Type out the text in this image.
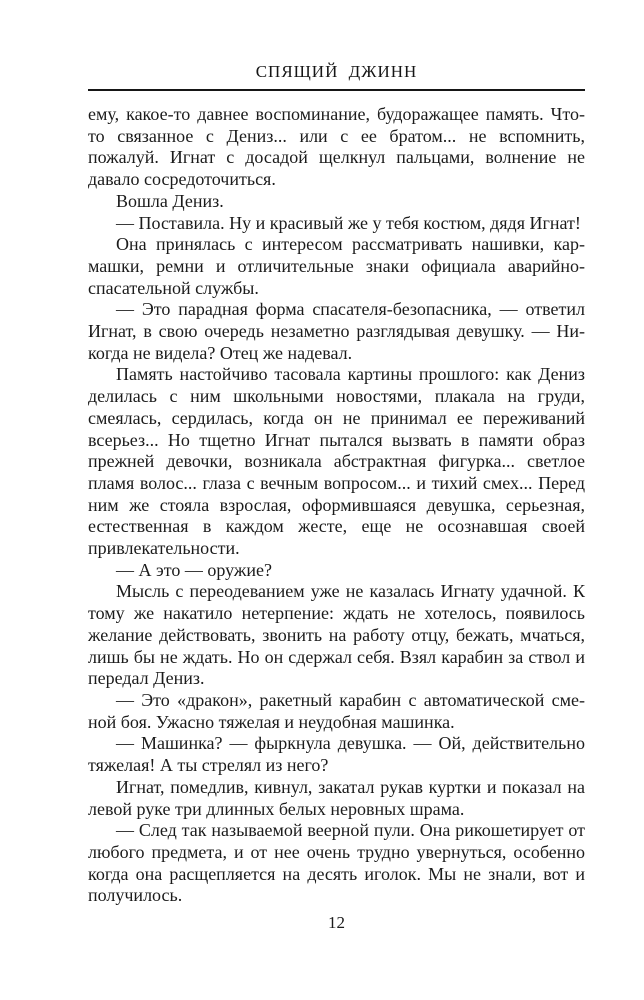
СПЯЩИЙ ДЖИНН

ему, какое-то давнее воспоминание, будоражащее память. Что-то связанное с Дениз... или с ее братом... не вспомнить, пожалуй. Игнат с досадой щелкнул пальцами, волнение не давало сосредоточиться.

Вошла Дениз.

— Поставила. Ну и красивый же у тебя костюм, дядя Игнат!

Она принялась с интересом рассматривать нашивки, кармашки, ремни и отличительные знаки официала аварийно-спасательной службы.

— Это парадная форма спасателя-безопасника, — ответил Игнат, в свою очередь незаметно разглядывая девушку. — Никогда не видела? Отец же надевал.

Память настойчиво тасовала картины прошлого: как Дениз делилась с ним школьными новостями, плакала на груди, смеялась, сердилась, когда он не принимал ее переживаний всерьез... Но тщетно Игнат пытался вызвать в памяти образ прежней девочки, возникала абстрактная фигурка... светлое пламя волос... глаза с вечным вопросом... и тихий смех... Перед ним же стояла взрослая, оформившаяся девушка, серьезная, естественная в каждом жесте, еще не осознавшая своей привлекательности.

— А это — оружие?

Мысль с переодеванием уже не казалась Игнату удачной. К тому же накатило нетерпение: ждать не хотелось, появилось желание действовать, звонить на работу отцу, бежать, мчаться, лишь бы не ждать. Но он сдержал себя. Взял карабин за ствол и передал Дениз.

— Это «дракон», ракетный карабин с автоматической сменой боя. Ужасно тяжелая и неудобная машинка.

— Машинка? — фыркнула девушка. — Ой, действительно тяжелая! А ты стрелял из него?

Игнат, помедлив, кивнул, закатал рукав куртки и показал на левой руке три длинных белых неровных шрама.

— След так называемой веерной пули. Она рикошетирует от любого предмета, и от нее очень трудно увернуться, особенно когда она расщепляется на десять иголок. Мы не знали, вот и получилось.

12
